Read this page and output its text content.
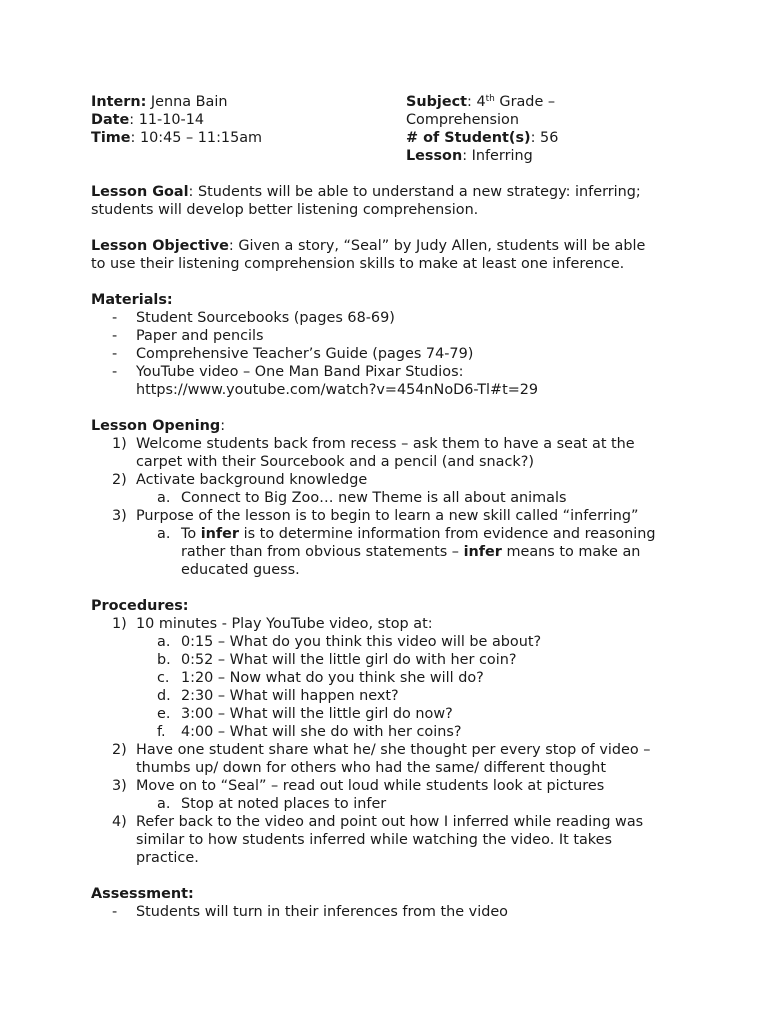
Intern: Jenna Bain
Date: 11-10-14
Time: 10:45 – 11:15am
Subject: 4th Grade –
Comprehension
# of Student(s): 56
Lesson: Inferring

Lesson Goal: Students will be able to understand a new strategy: inferring;

students will develop better listening comprehension.

Lesson Objective: Given a story, “Seal” by Judy Allen, students will be able

to use their listening comprehension skills to make at least one inference.

Materials:
- Student Sourcebooks (pages 68-69)
- Paper and pencils
- Comprehensive Teacher’s Guide (pages 74-79)
- YouTube video – One Man Band Pixar Studios:
https://www.youtube.com/watch?v=454nNoD6-Tl#t=29
Lesson Opening:
1) Welcome students back from recess – ask them to have a seat at the
carpet with their Sourcebook and a pencil (and snack?)
2) Activate background knowledge
a. Connect to Big Zoo… new Theme is all about animals
3) Purpose of the lesson is to begin to learn a new skill called “inferring”
a. To infer is to determine information from evidence and reasoning
rather than from obvious statements – infer means to make an
educated guess.
Procedures:
1) 10 minutes - Play YouTube video, stop at:
a. 0:15 – What do you think this video will be about?
b. 0:52 – What will the little girl do with her coin?
c. 1:20 – Now what do you think she will do?
d. 2:30 – What will happen next?
e. 3:00 – What will the little girl do now?
f. 4:00 – What will she do with her coins?
2) Have one student share what he/ she thought per every stop of video –
thumbs up/ down for others who had the same/ different thought
3) Move on to “Seal” – read out loud while students look at pictures
a. Stop at noted places to infer
4) Refer back to the video and point out how I inferred while reading was
similar to how students inferred while watching the video. It takes
practice.
Assessment:
- Students will turn in their inferences from the video
